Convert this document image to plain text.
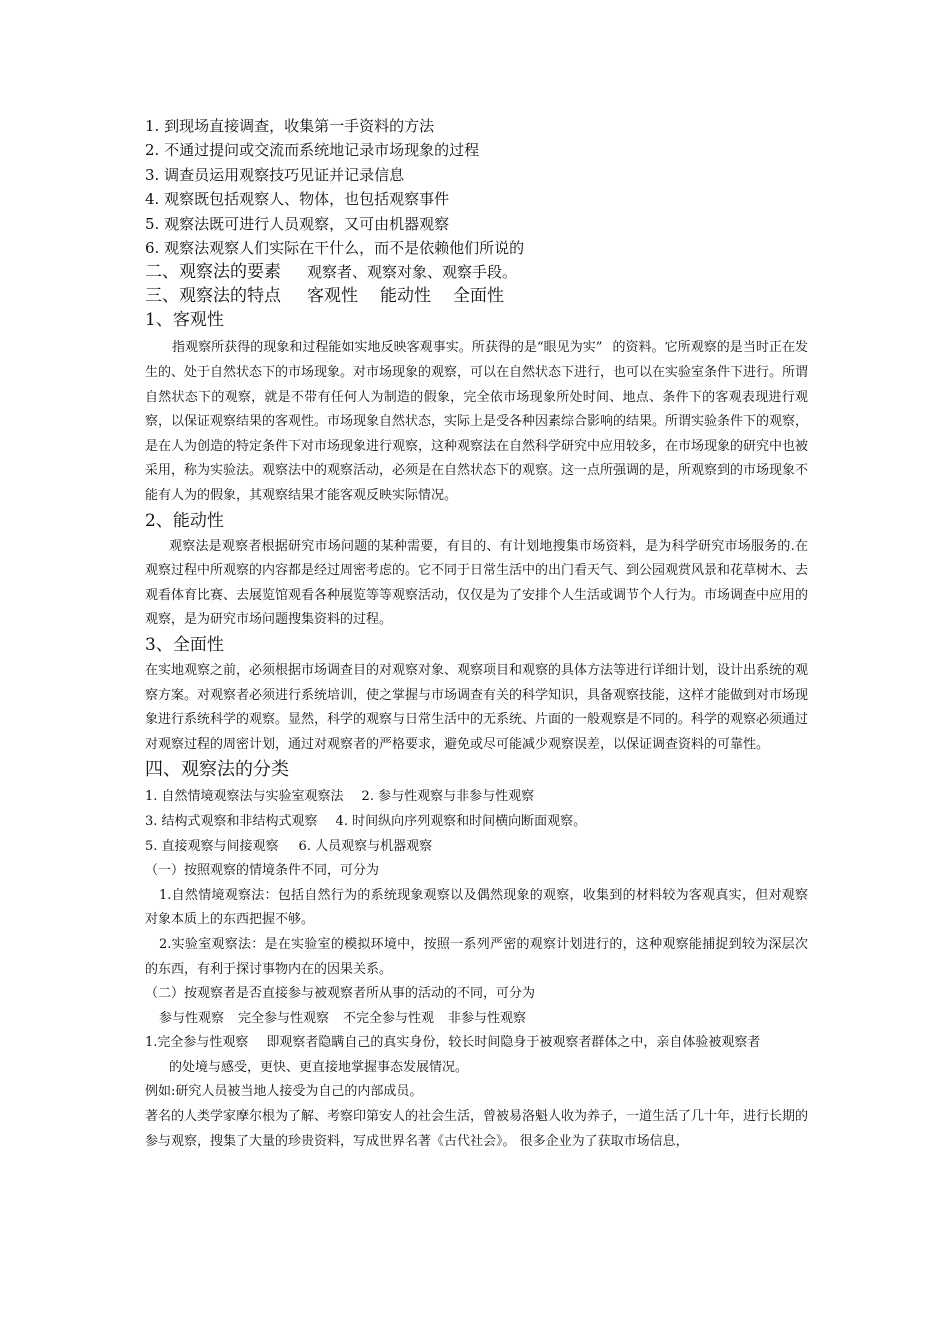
1. 到现场直接调查，收集第一手资料的方法
2. 不通过提问或交流而系统地记录市场现象的过程
3. 调查员运用观察技巧见证并记录信息
4. 观察既包括观察人、物体，也包括观察事件
5. 观察法既可进行人员观察，又可由机器观察
6. 观察法观察人们实际在干什么，而不是依赖他们所说的
二、观察法的要素 观察者、观察对象、观察手段。
三、观察法的特点 客观性 能动性 全面性
1、客观性
指观察所获得的现象和过程能如实地反映客观事实。所获得的是“眼见为实” 的资料。它所观察的是当时正在发生的、处于自然状态下的市场现象。对市场现象的观察，可以在自然状态下进行，也可以在实验室条件下进行。所谓自然状态下的观察，就是不带有任何人为制造的假象，完全依市场现象所处时间、地点、条件下的客观表现进行观察，以保证观察结果的客观性。市场现象自然状态，实际上是受各种因素综合影响的结果。所谓实验条件下的观察，是在人为创造的特定条件下对市场现象进行观察，这种观察法在自然科学研究中应用较多，在市场现象的研究中也被采用，称为实验法。观察法中的观察活动，必须是在自然状态下的观察。这一点所强调的是，所观察到的市场现象不能有人为的假象，其观察结果才能客观反映实际情况。
2、能动性
观察法是观察者根据研究市场问题的某种需要，有目的、有计划地搜集市场资料，是为科学研究市场服务的.在观察过程中所观察的内容都是经过周密考虑的。它不同于日常生活中的出门看天气、到公园观赏风景和花草树木、去观看体育比赛、去展览馆观看各种展览等等观察活动，仅仅是为了安排个人生活或调节个人行为。市场调查中应用的观察，是为研究市场问题搜集资料的过程。
3、全面性
在实地观察之前，必须根据市场调查目的对观察对象、观察项目和观察的具体方法等进行详细计划，设计出系统的观察方案。对观察者必须进行系统培训，使之掌握与市场调查有关的科学知识，具备观察技能，这样才能做到对市场现象进行系统科学的观察。显然，科学的观察与日常生活中的无系统、片面的一般观察是不同的。科学的观察必须通过对观察过程的周密计划，通过对观察者的严格要求，避免或尽可能减少观察误差，以保证调查资料的可靠性。
四、观察法的分类
1. 自然情境观察法与实验室观察法 2. 参与性观察与非参与性观察
3. 结构式观察和非结构式观察 4. 时间纵向序列观察和时间横向断面观察。
5. 直接观察与间接观察 6. 人员观察与机器观察
（一）按照观察的情境条件不同，可分为
1.自然情境观察法：包括自然行为的系统现象观察以及偶然现象的观察，收集到的材料较为客观真实，但对观察对象本质上的东西把握不够。
2.实验室观察法：是在实验室的模拟环境中，按照一系列严密的观察计划进行的，这种观察能捕捉到较为深层次的东西，有利于探讨事物内在的因果关系。
（二）按观察者是否直接参与被观察者所从事的活动的不同，可分为
参与性观察 完全参与性观察 不完全参与性观 非参与性观察
1.完全参与性观察 即观察者隐瞒自己的真实身份，较长时间隐身于被观察者群体之中，亲自体验被观察者
的处境与感受，更快、更直接地掌握事态发展情况。
例如:研究人员被当地人接受为自己的内部成员。
著名的人类学家摩尔根为了解、考察印第安人的社会生活，曾被易洛魁人收为养子，一道生活了几十年，进行长期的参与观察，搜集了大量的珍贵资料，写成世界名著《古代社会》。 很多企业为了获取市场信息，
